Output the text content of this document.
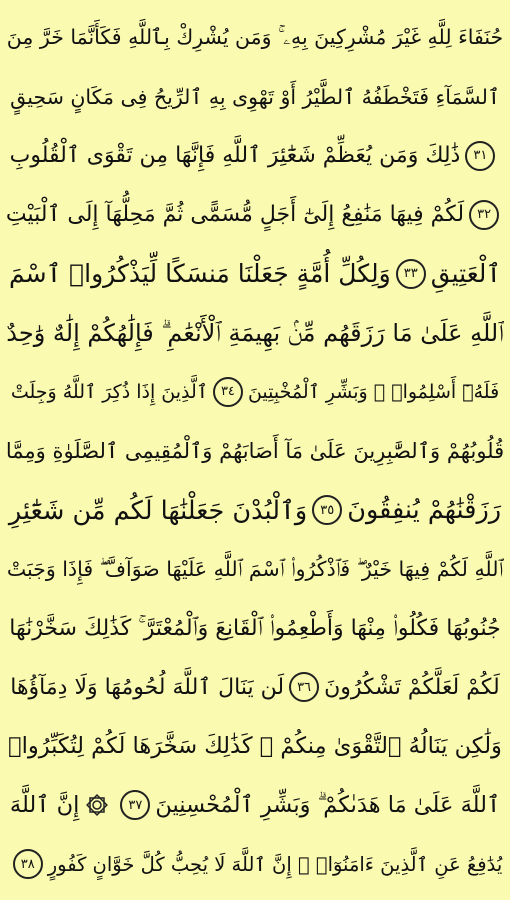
حُنَفَاءَ لِلَّهِ غَيْرَ مُشْرِكِينَ بِهِۦ ۚ وَمَن يُشْرِكْ بِٱللَّهِ فَكَأَنَّمَا خَرَّ مِنَ
ٱلسَّمَآءِ فَتَخْطَفُهُ ٱلطَّيْرُ أَوْ تَهْوِى بِهِ ٱلرِّيحُ فِى مَكَانٍ سَحِيقٍ
٣١
ذَٰلِكَ وَمَن يُعَظِّمْ شَعَٰٓئِرَ ٱللَّهِ فَإِنَّهَا مِن تَقْوَى ٱلْقُلُوبِ
٣٢
لَكُمْ فِيهَا مَنَٰفِعُ إِلَىٰٓ أَجَلٍ مُّسَمًّى ثُمَّ مَحِلُّهَآ إِلَى ٱلْبَيْتِ
ٱلْعَتِيقِ
٣٣
وَلِكُلِّ أُمَّةٍ جَعَلْنَا مَنسَكًا لِّيَذْكُرُوا۟ ٱسْمَ
ٱللَّهِ عَلَىٰ مَا رَزَقَهُم مِّنۢ بَهِيمَةِ ٱلْأَنْعَٰمِ ۗ فَإِلَٰهُكُمْ إِلَٰهٌ وَٰحِدٌ
فَلَهُۥٓ أَسْلِمُوا۟ ۗ وَبَشِّرِ ٱلْمُخْبِتِينَ
٣٤
ٱلَّذِينَ إِذَا ذُكِرَ ٱللَّهُ وَجِلَتْ
قُلُوبُهُمْ وَٱلصَّٰبِرِينَ عَلَىٰ مَآ أَصَابَهُمْ وَٱلْمُقِيمِى ٱلصَّلَوٰةِ وَمِمَّا
رَزَقْنَٰهُمْ يُنفِقُونَ
٣٥
وَٱلْبُدْنَ جَعَلْنَٰهَا لَكُم مِّن شَعَٰٓئِرِ
ٱللَّهِ لَكُمْ فِيهَا خَيْرٌ ۖ فَٱذْكُرُوا۟ ٱسْمَ ٱللَّهِ عَلَيْهَا صَوَآفَّ ۖ فَإِذَا وَجَبَتْ
جُنُوبُهَا فَكُلُوا۟ مِنْهَا وَأَطْعِمُوا۟ ٱلْقَانِعَ وَٱلْمُعْتَرَّ ۚ كَذَٰلِكَ سَخَّرْنَٰهَا
لَكُمْ لَعَلَّكُمْ تَشْكُرُونَ
٣٦
لَن يَنَالَ ٱللَّهَ لُحُومُهَا وَلَا دِمَآؤُهَا
وَلَٰكِن يَنَالُهُ ٱلتَّقْوَىٰ مِنكُمْ ۚ كَذَٰلِكَ سَخَّرَهَا لَكُمْ لِتُكَبِّرُوا۟
ٱللَّهَ عَلَىٰ مَا هَدَىٰكُمْ ۗ وَبَشِّرِ ٱلْمُحْسِنِينَ
٣٧
إِنَّ ٱللَّهَ
يُدَٰفِعُ عَنِ ٱلَّذِينَ ءَامَنُوٓا۟ ۗ إِنَّ ٱللَّهَ لَا يُحِبُّ كُلَّ خَوَّانٍ كَفُورٍ
٣٨
